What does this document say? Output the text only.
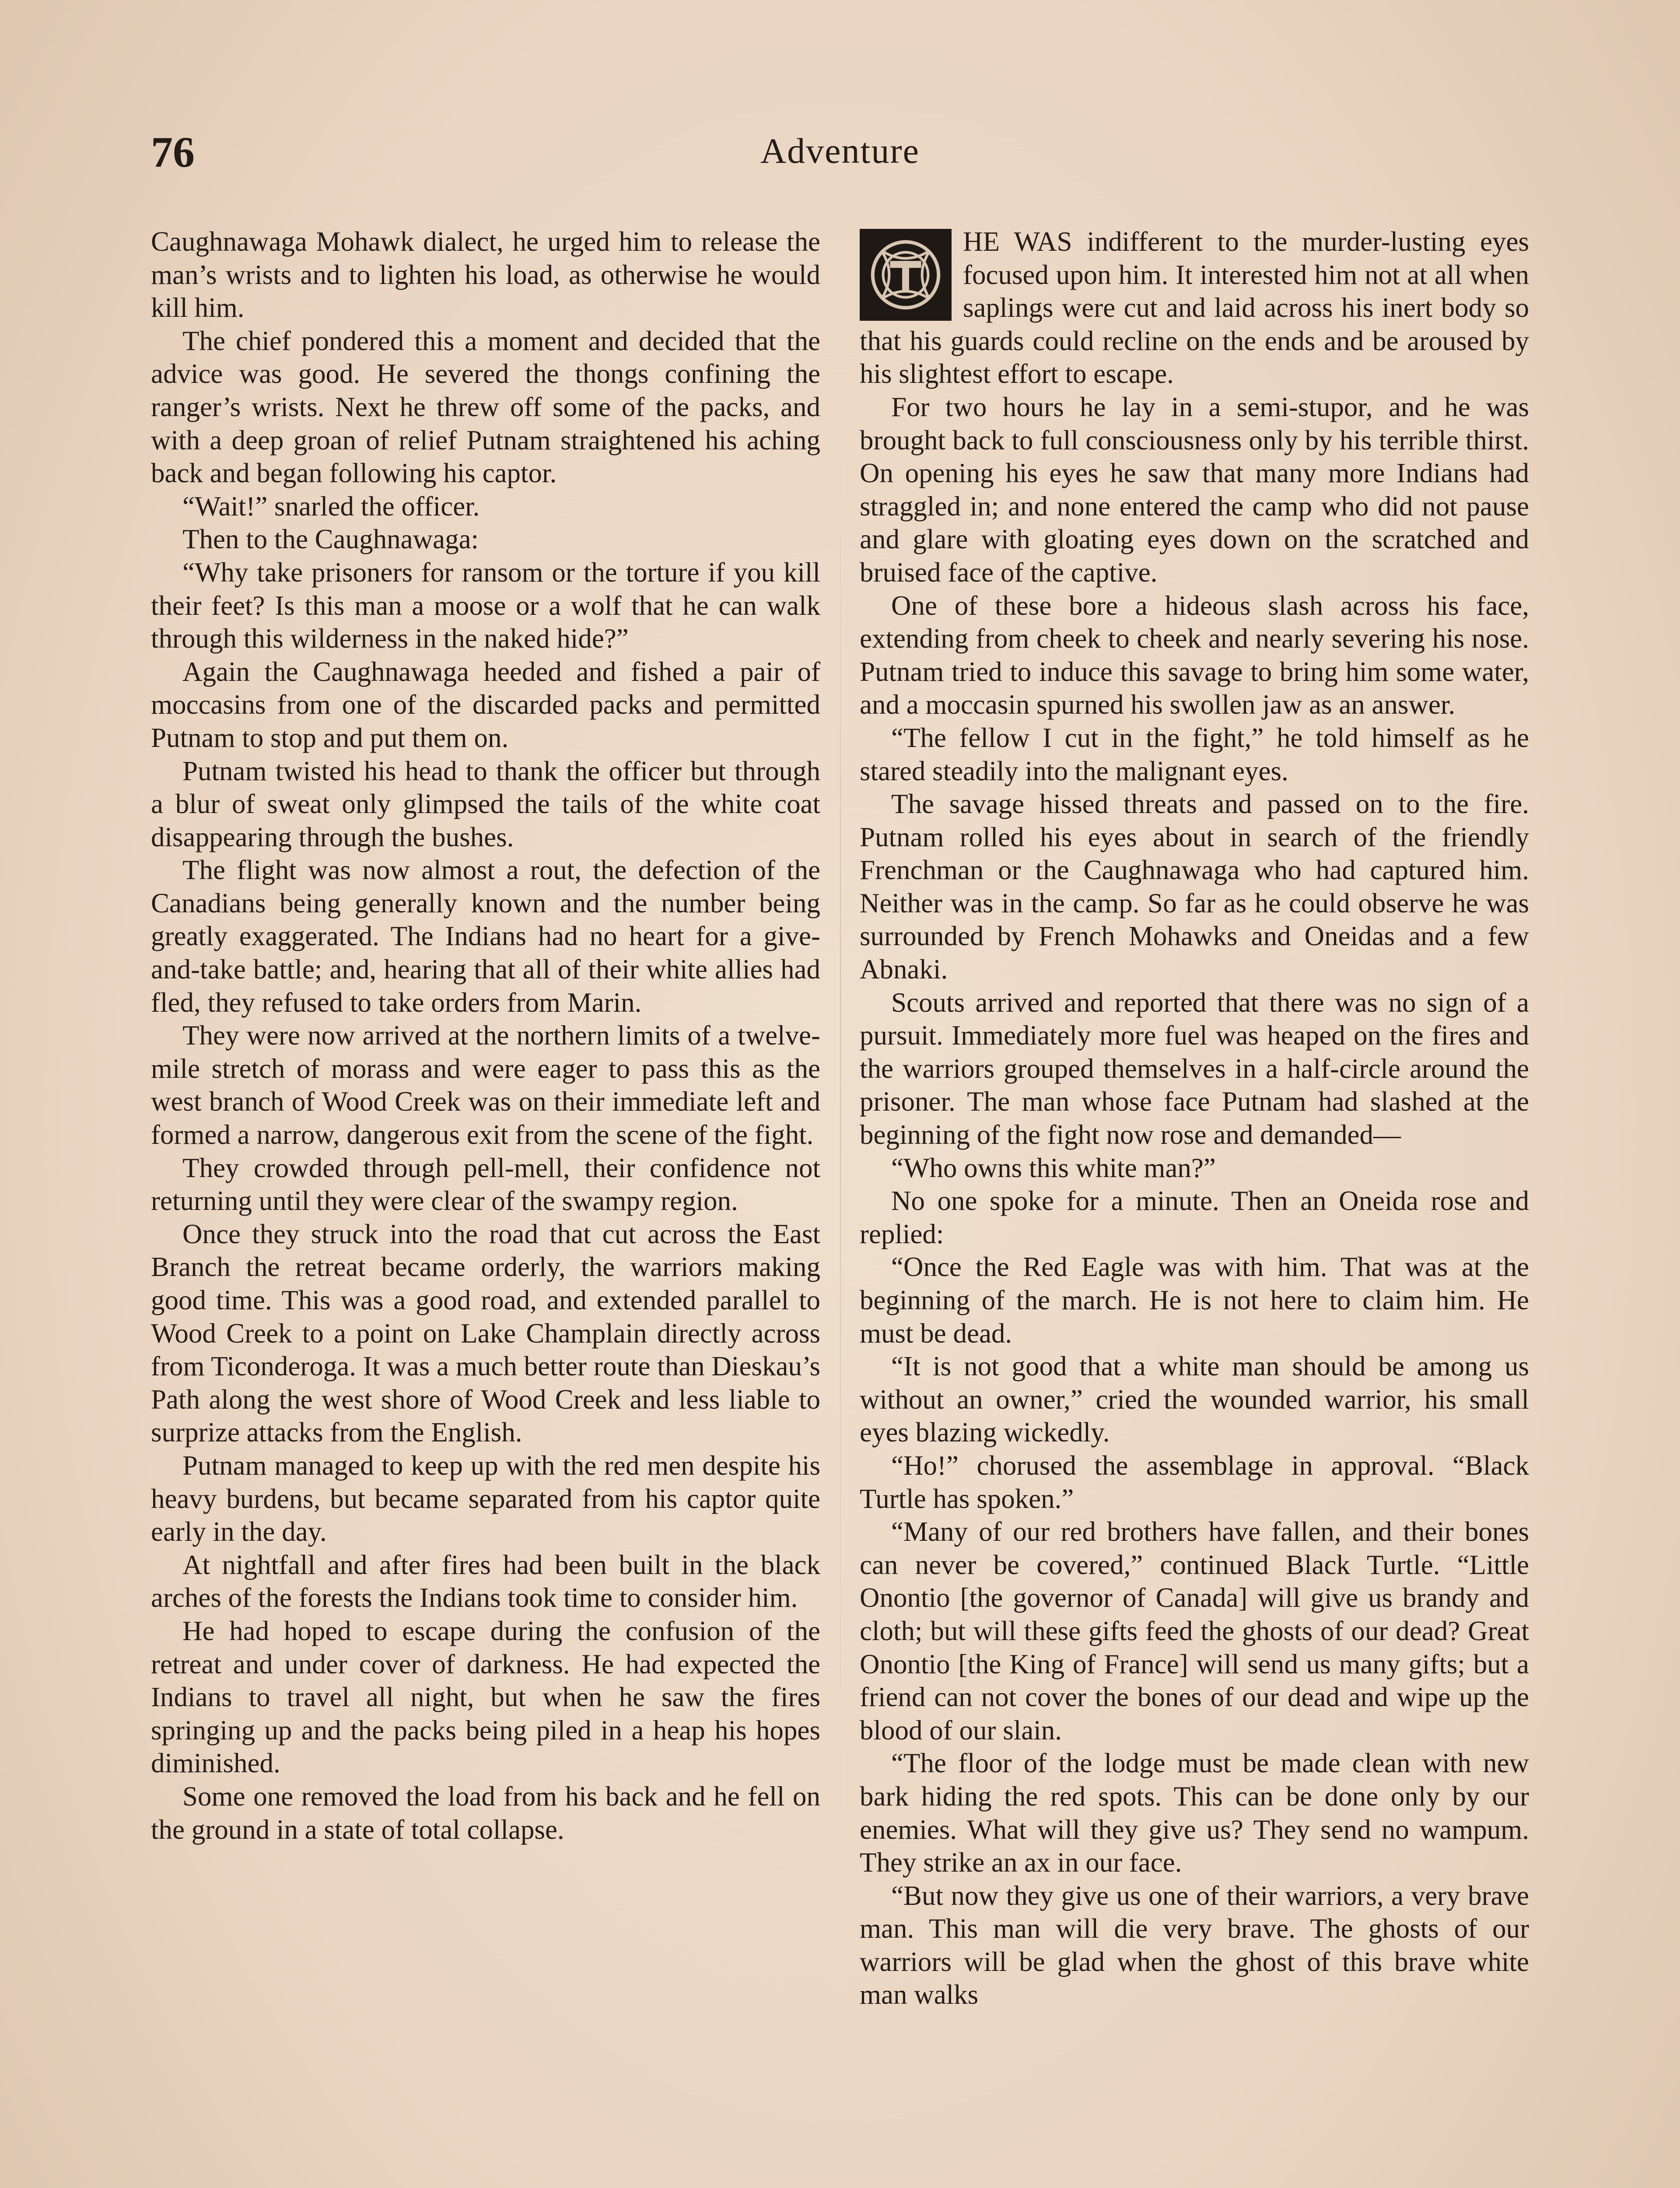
76	Adventure

Caughnawaga Mohawk dialect, he urged him to release the man’s wrists and to lighten his load, as otherwise he would kill him.

The chief pondered this a moment and decided that the advice was good. He severed the thongs confining the ranger’s wrists. Next he threw off some of the packs, and with a deep groan of relief Putnam straightened his aching back and began following his captor.

“Wait!” snarled the officer.

Then to the Caughnawaga:

“Why take prisoners for ransom or the torture if you kill their feet? Is this man a moose or a wolf that he can walk through this wilderness in the naked hide?”

Again the Caughnawaga heeded and fished a pair of moccasins from one of the discarded packs and permitted Putnam to stop and put them on.

Putnam twisted his head to thank the officer but through a blur of sweat only glimpsed the tails of the white coat disappearing through the bushes.

The flight was now almost a rout, the defection of the Canadians being generally known and the number being greatly exaggerated. The Indians had no heart for a give-and-take battle; and, hearing that all of their white allies had fled, they refused to take orders from Marin.

They were now arrived at the northern limits of a twelve-mile stretch of morass and were eager to pass this as the west branch of Wood Creek was on their immediate left and formed a narrow, dangerous exit from the scene of the fight.

They crowded through pell-mell, their confidence not returning until they were clear of the swampy region.

Once they struck into the road that cut across the East Branch the retreat became orderly, the warriors making good time. This was a good road, and extended parallel to Wood Creek to a point on Lake Champlain directly across from Ticonderoga. It was a much better route than Dieskau’s Path along the west shore of Wood Creek and less liable to surprize attacks from the English.

Putnam managed to keep up with the red men despite his heavy burdens, but became separated from his captor quite early in the day.

At nightfall and after fires had been built in the black arches of the forests the Indians took time to consider him.

He had hoped to escape during the confusion of the retreat and under cover of darkness. He had expected the Indians to travel all night, but when he saw the fires springing up and the packs being piled in a heap his hopes diminished.

Some one removed the load from his back and he fell on the ground in a state of total collapse.

HE WAS indifferent to the murder-lusting eyes focused upon him. It interested him not at all when saplings were cut and laid across his inert body so that his guards could recline on the ends and be aroused by his slightest effort to escape.

For two hours he lay in a semi-stupor, and he was brought back to full consciousness only by his terrible thirst. On opening his eyes he saw that many more Indians had straggled in; and none entered the camp who did not pause and glare with gloating eyes down on the scratched and bruised face of the captive.

One of these bore a hideous slash across his face, extending from cheek to cheek and nearly severing his nose. Putnam tried to induce this savage to bring him some water, and a moccasin spurned his swollen jaw as an answer.

“The fellow I cut in the fight,” he told himself as he stared steadily into the malignant eyes.

The savage hissed threats and passed on to the fire. Putnam rolled his eyes about in search of the friendly Frenchman or the Caughnawaga who had captured him. Neither was in the camp. So far as he could observe he was surrounded by French Mohawks and Oneidas and a few Abnaki.

Scouts arrived and reported that there was no sign of a pursuit. Immediately more fuel was heaped on the fires and the warriors grouped themselves in a half-circle around the prisoner. The man whose face Putnam had slashed at the beginning of the fight now rose and demanded—

“Who owns this white man?”

No one spoke for a minute. Then an Oneida rose and replied:

“Once the Red Eagle was with him. That was at the beginning of the march. He is not here to claim him. He must be dead.

“It is not good that a white man should be among us without an owner,” cried the wounded warrior, his small eyes blazing wickedly.

“Ho!” chorused the assemblage in approval. “Black Turtle has spoken.”

“Many of our red brothers have fallen, and their bones can never be covered,” continued Black Turtle. “Little Onontio [the governor of Canada] will give us brandy and cloth; but will these gifts feed the ghosts of our dead? Great Onontio [the King of France] will send us many gifts; but a friend can not cover the bones of our dead and wipe up the blood of our slain.

“The floor of the lodge must be made clean with new bark hiding the red spots. This can be done only by our enemies. What will they give us? They send no wampum. They strike an ax in our face.

“But now they give us one of their warriors, a very brave man. This man will die very brave. The ghosts of our warriors will be glad when the ghost of this brave white man walks
